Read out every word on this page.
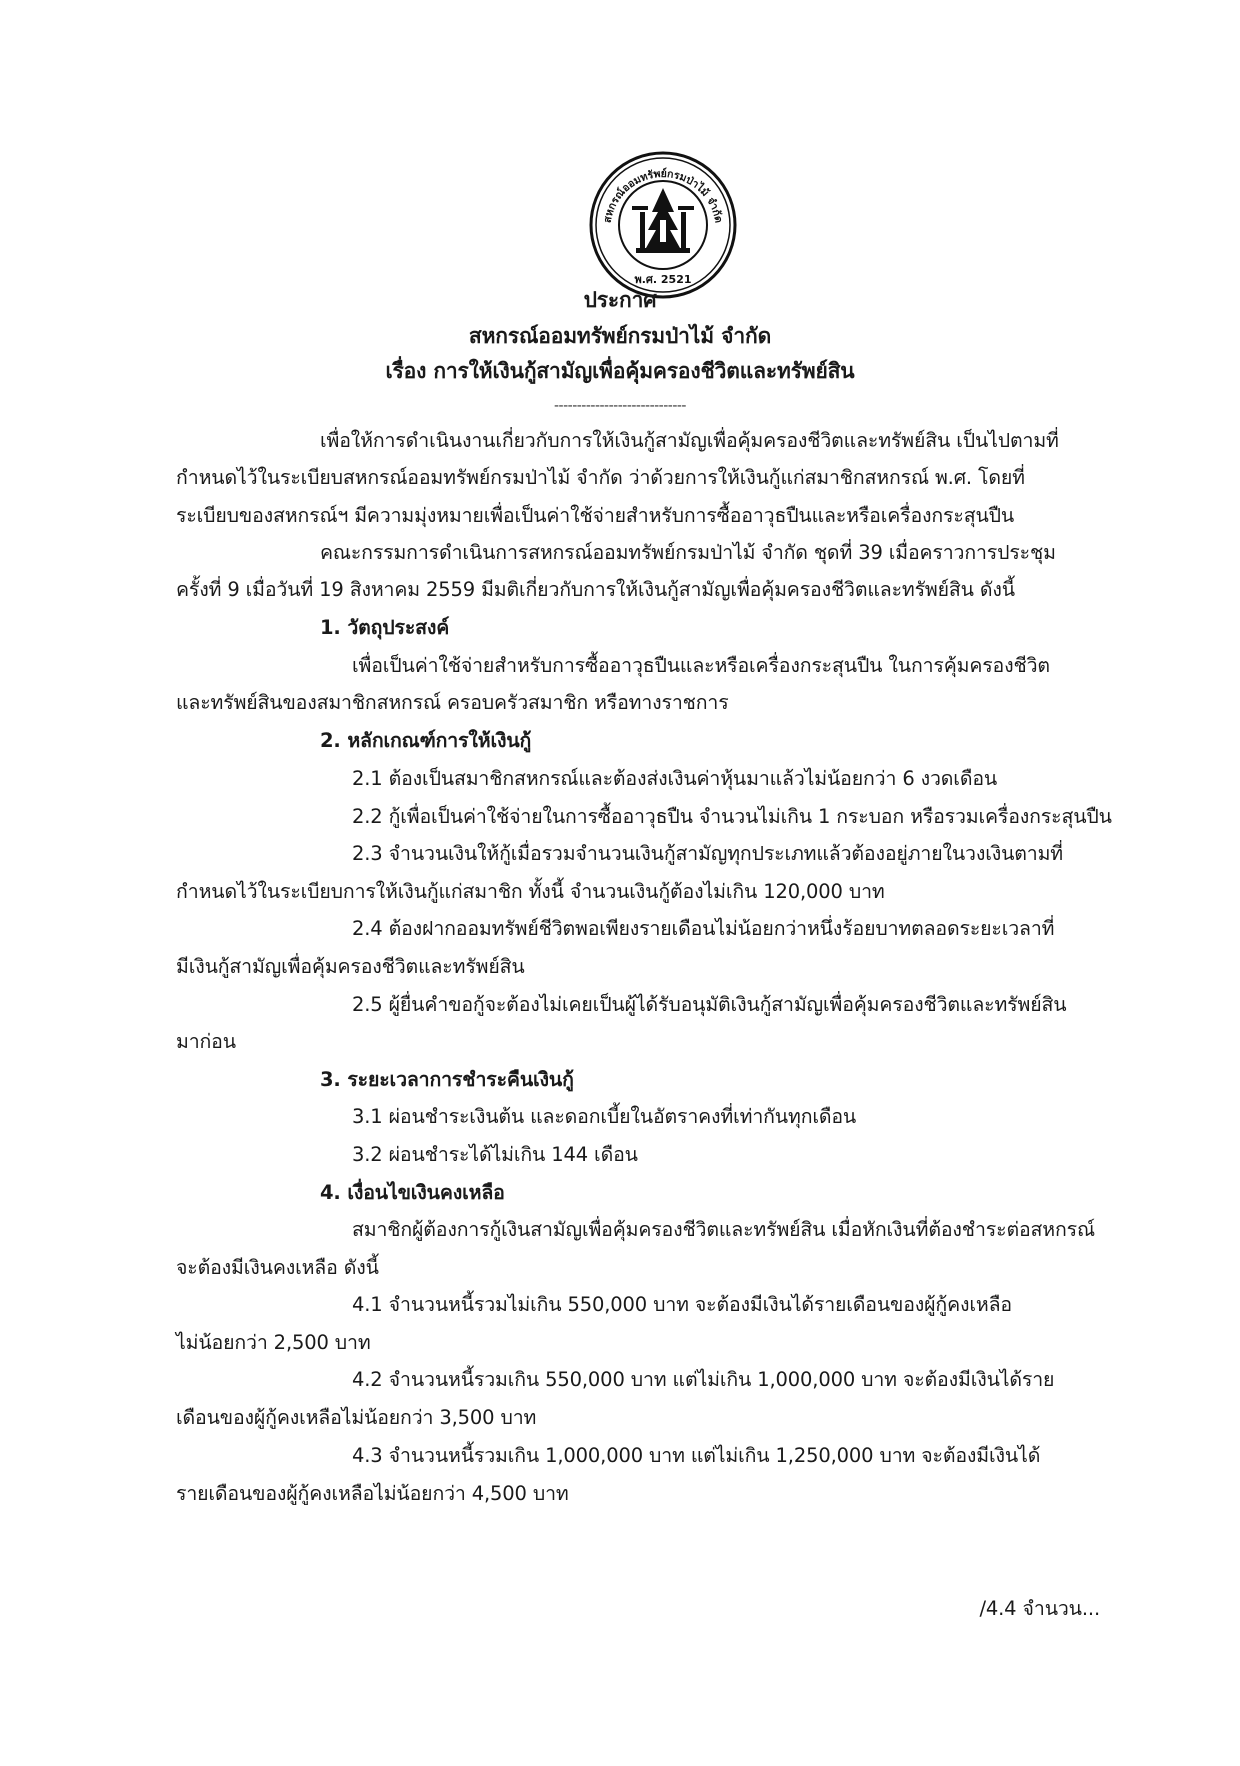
สหกรณ์ออมทรัพย์กรมป่าไม้ จำกัด
พ.ศ. 2521
ประกาศ
สหกรณ์ออมทรัพย์กรมป่าไม้ จำกัด
เรื่อง การให้เงินกู้สามัญเพื่อคุ้มครองชีวิตและทรัพย์สิน
-----------------------------
เพื่อให้การดำเนินงานเกี่ยวกับการให้เงินกู้สามัญเพื่อคุ้มครองชีวิตและทรัพย์สิน เป็นไปตามที่
กำหนดไว้ในระเบียบสหกรณ์ออมทรัพย์กรมป่าไม้ จำกัด ว่าด้วยการให้เงินกู้แก่สมาชิกสหกรณ์ พ.ศ. โดยที่
ระเบียบของสหกรณ์ฯ มีความมุ่งหมายเพื่อเป็นค่าใช้จ่ายสำหรับการซื้ออาวุธปืนและหรือเครื่องกระสุนปืน
คณะกรรมการดำเนินการสหกรณ์ออมทรัพย์กรมป่าไม้ จำกัด ชุดที่ 39 เมื่อคราวการประชุม
ครั้งที่ 9 เมื่อวันที่ 19 สิงหาคม 2559 มีมติเกี่ยวกับการให้เงินกู้สามัญเพื่อคุ้มครองชีวิตและทรัพย์สิน ดังนี้
1. วัตถุประสงค์
เพื่อเป็นค่าใช้จ่ายสำหรับการซื้ออาวุธปืนและหรือเครื่องกระสุนปืน ในการคุ้มครองชีวิต
และทรัพย์สินของสมาชิกสหกรณ์ ครอบครัวสมาชิก หรือทางราชการ
2. หลักเกณฑ์การให้เงินกู้
2.1 ต้องเป็นสมาชิกสหกรณ์และต้องส่งเงินค่าหุ้นมาแล้วไม่น้อยกว่า 6 งวดเดือน
2.2 กู้เพื่อเป็นค่าใช้จ่ายในการซื้ออาวุธปืน จำนวนไม่เกิน 1 กระบอก หรือรวมเครื่องกระสุนปืน
2.3 จำนวนเงินให้กู้เมื่อรวมจำนวนเงินกู้สามัญทุกประเภทแล้วต้องอยู่ภายในวงเงินตามที่
กำหนดไว้ในระเบียบการให้เงินกู้แก่สมาชิก ทั้งนี้ จำนวนเงินกู้ต้องไม่เกิน 120,000 บาท
2.4 ต้องฝากออมทรัพย์ชีวิตพอเพียงรายเดือนไม่น้อยกว่าหนึ่งร้อยบาทตลอดระยะเวลาที่
มีเงินกู้สามัญเพื่อคุ้มครองชีวิตและทรัพย์สิน
2.5 ผู้ยื่นคำขอกู้จะต้องไม่เคยเป็นผู้ได้รับอนุมัติเงินกู้สามัญเพื่อคุ้มครองชีวิตและทรัพย์สิน
มาก่อน
3. ระยะเวลาการชำระคืนเงินกู้
3.1 ผ่อนชำระเงินต้น และดอกเบี้ยในอัตราคงที่เท่ากันทุกเดือน
3.2 ผ่อนชำระได้ไม่เกิน 144 เดือน
4. เงื่อนไขเงินคงเหลือ
สมาชิกผู้ต้องการกู้เงินสามัญเพื่อคุ้มครองชีวิตและทรัพย์สิน เมื่อหักเงินที่ต้องชำระต่อสหกรณ์
จะต้องมีเงินคงเหลือ ดังนี้
4.1 จำนวนหนี้รวมไม่เกิน 550,000 บาท จะต้องมีเงินได้รายเดือนของผู้กู้คงเหลือ
ไม่น้อยกว่า 2,500 บาท
4.2 จำนวนหนี้รวมเกิน 550,000 บาท แต่ไม่เกิน 1,000,000 บาท จะต้องมีเงินได้ราย
เดือนของผู้กู้คงเหลือไม่น้อยกว่า 3,500 บาท
4.3 จำนวนหนี้รวมเกิน 1,000,000 บาท แต่ไม่เกิน 1,250,000 บาท จะต้องมีเงินได้
รายเดือนของผู้กู้คงเหลือไม่น้อยกว่า 4,500 บาท
/4.4 จำนวน...
